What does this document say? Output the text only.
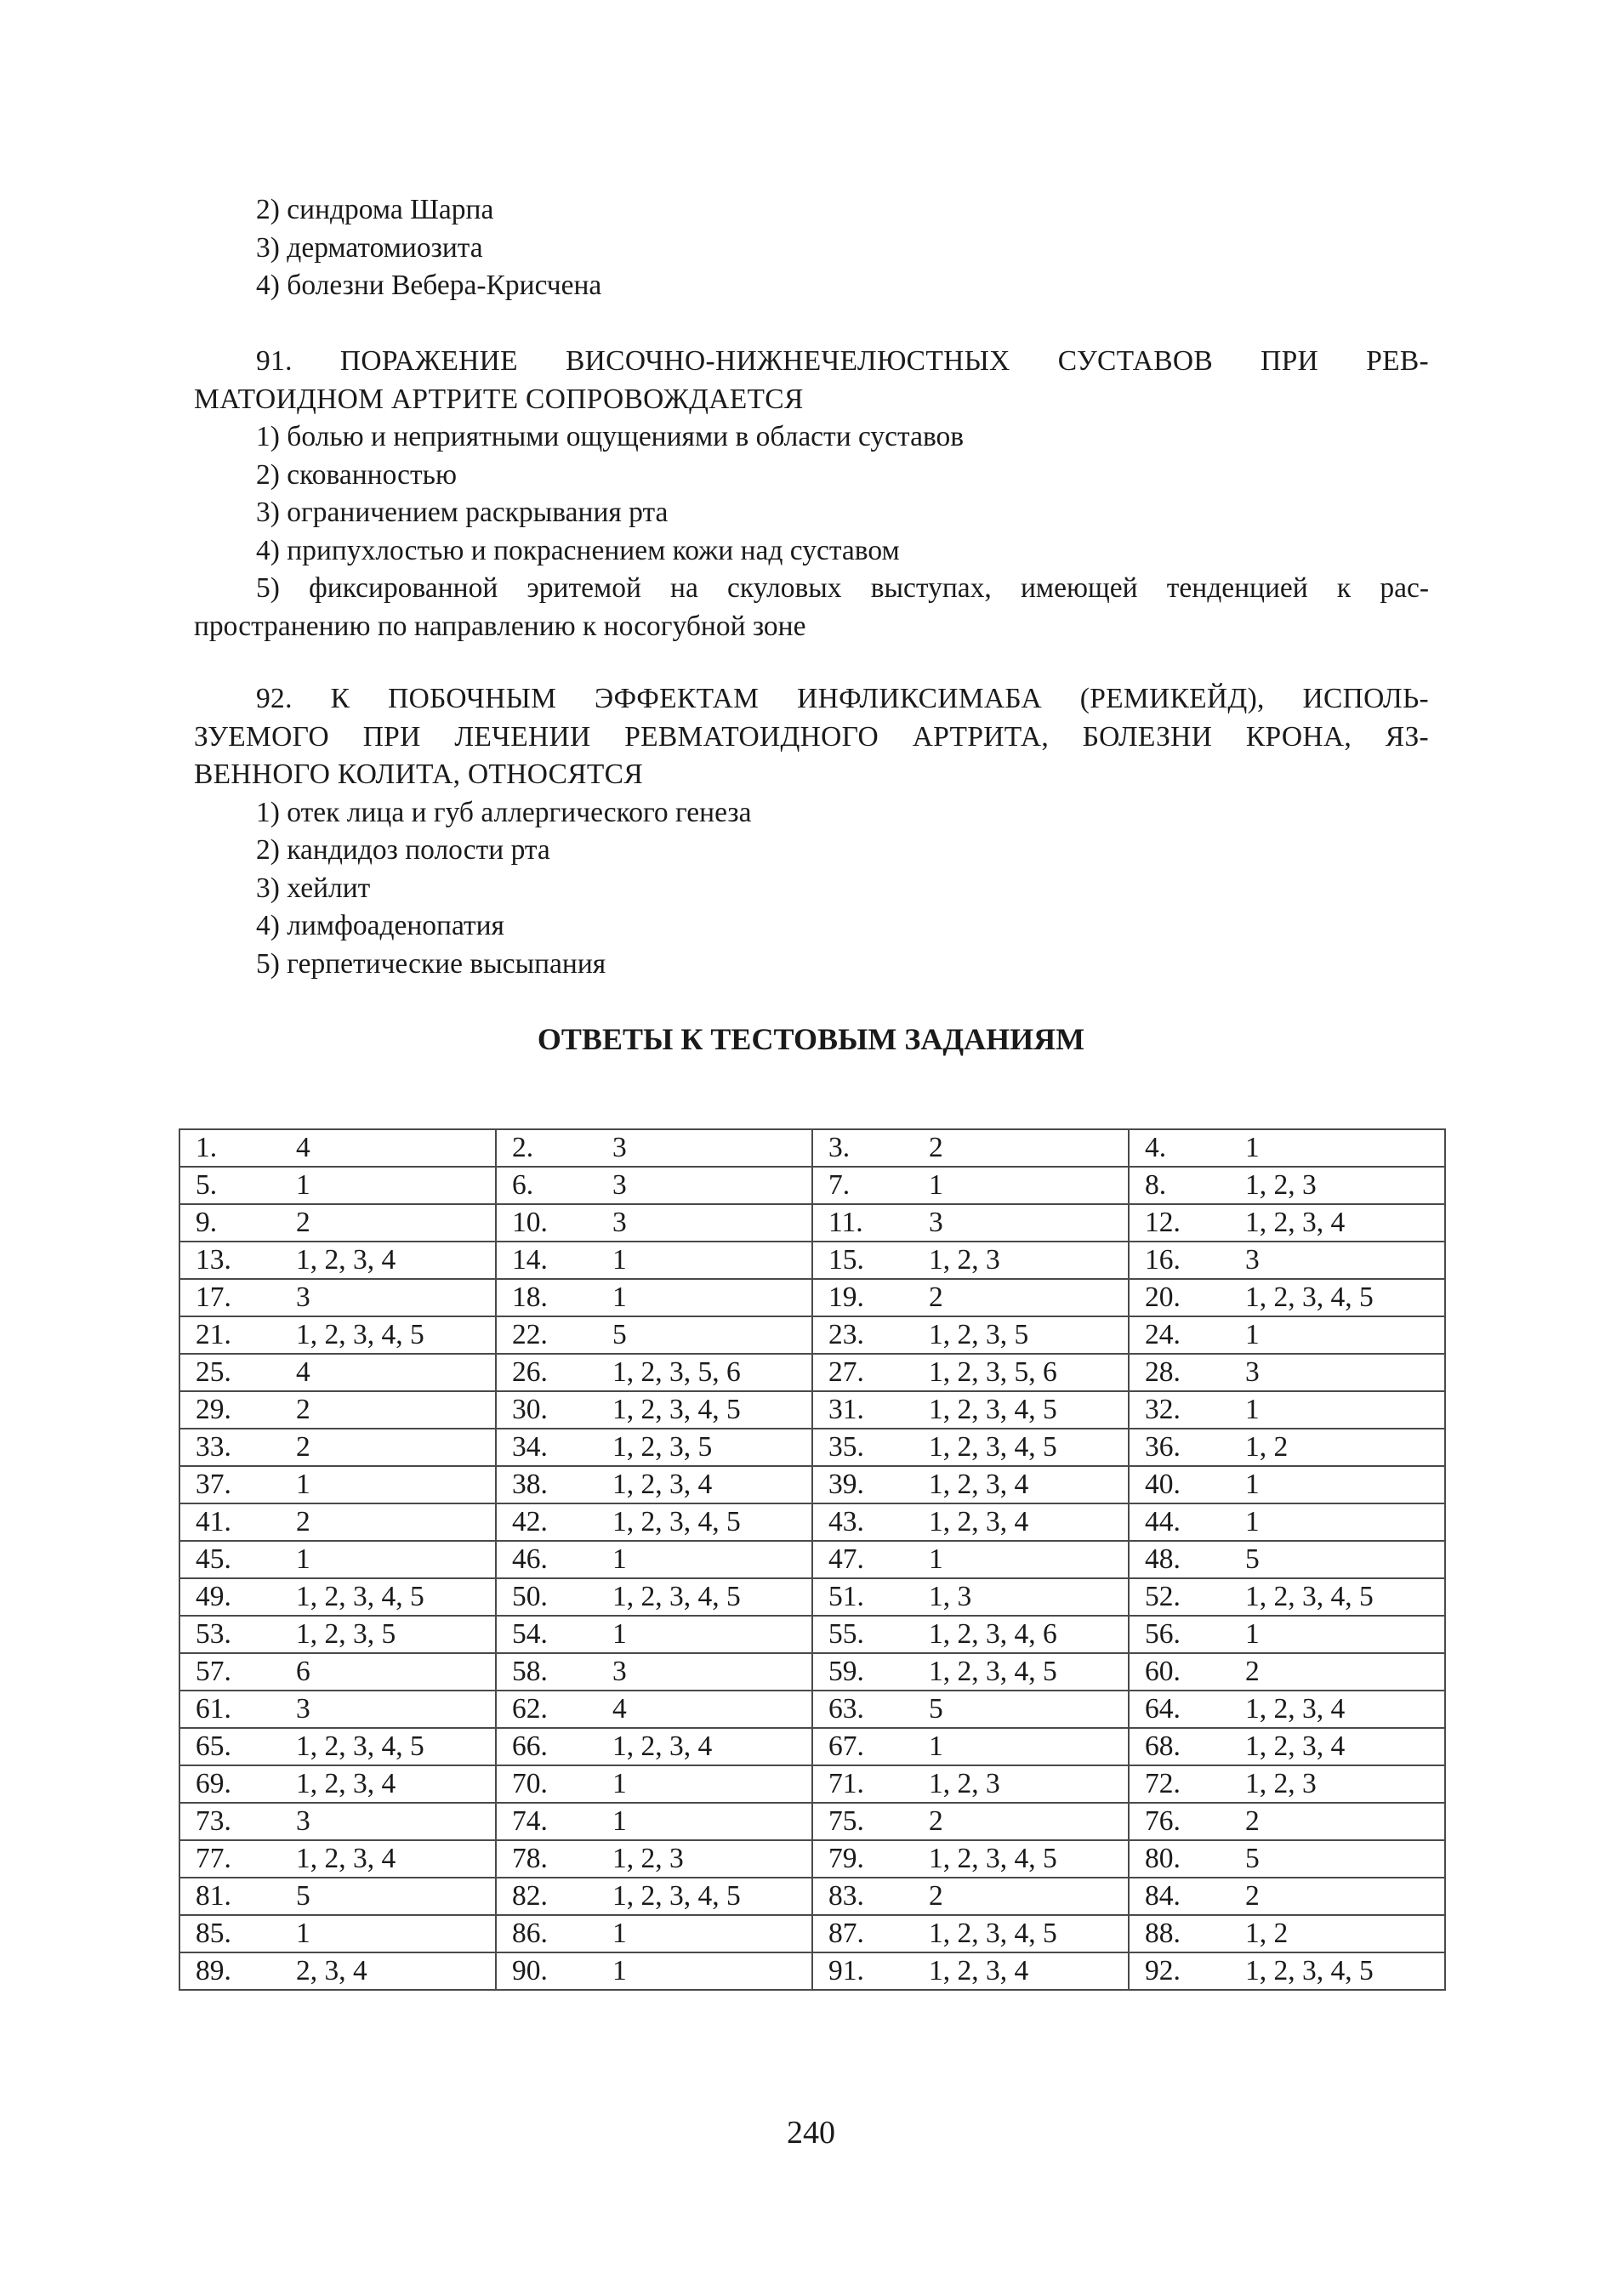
2) синдрома Шарпа
3) дерматомиозита
4) болезни Вебера-Крисчена
91. ПОРАЖЕНИЕ ВИСОЧНО-НИЖНЕЧЕЛЮСТНЫХ СУСТАВОВ ПРИ РЕВ-
МАТОИДНОМ АРТРИТЕ СОПРОВОЖДАЕТСЯ
1) болью и неприятными ощущениями в области суставов
2) скованностью
3) ограничением раскрывания рта
4) припухлостью и покраснением кожи над суставом
5) фиксированной эритемой на скуловых выступах, имеющей тенденцией к рас-
пространению по направлению к носогубной зоне
92. К ПОБОЧНЫМ ЭФФЕКТАМ ИНФЛИКСИМАБА (РЕМИКЕЙД), ИСПОЛЬ-
ЗУЕМОГО ПРИ ЛЕЧЕНИИ РЕВМАТОИДНОГО АРТРИТА, БОЛЕЗНИ КРОНА, ЯЗ-
ВЕННОГО КОЛИТА, ОТНОСЯТСЯ
1) отек лица и губ аллергического генеза
2) кандидоз полости рта
3) хейлит
4) лимфоаденопатия
5) герпетические высыпания
ОТВЕТЫ К ТЕСТОВЫМ ЗАДАНИЯМ
1. 4	2. 3	3. 2	4. 1
5. 1	6. 3	7. 1	8. 1, 2, 3
9. 2	10. 3	11. 3	12. 1, 2, 3, 4
13. 1, 2, 3, 4	14. 1	15. 1, 2, 3	16. 3
17. 3	18. 1	19. 2	20. 1, 2, 3, 4, 5
21. 1, 2, 3, 4, 5	22. 5	23. 1, 2, 3, 5	24. 1
25. 4	26. 1, 2, 3, 5, 6	27. 1, 2, 3, 5, 6	28. 3
29. 2	30. 1, 2, 3, 4, 5	31. 1, 2, 3, 4, 5	32. 1
33. 2	34. 1, 2, 3, 5	35. 1, 2, 3, 4, 5	36. 1, 2
37. 1	38. 1, 2, 3, 4	39. 1, 2, 3, 4	40. 1
41. 2	42. 1, 2, 3, 4, 5	43. 1, 2, 3, 4	44. 1
45. 1	46. 1	47. 1	48. 5
49. 1, 2, 3, 4, 5	50. 1, 2, 3, 4, 5	51. 1, 3	52. 1, 2, 3, 4, 5
53. 1, 2, 3, 5	54. 1	55. 1, 2, 3, 4, 6	56. 1
57. 6	58. 3	59. 1, 2, 3, 4, 5	60. 2
61. 3	62. 4	63. 5	64. 1, 2, 3, 4
65. 1, 2, 3, 4, 5	66. 1, 2, 3, 4	67. 1	68. 1, 2, 3, 4
69. 1, 2, 3, 4	70. 1	71. 1, 2, 3	72. 1, 2, 3
73. 3	74. 1	75. 2	76. 2
77. 1, 2, 3, 4	78. 1, 2, 3	79. 1, 2, 3, 4, 5	80. 5
81. 5	82. 1, 2, 3, 4, 5	83. 2	84. 2
85. 1	86. 1	87. 1, 2, 3, 4, 5	88. 1, 2
89. 2, 3, 4	90. 1	91. 1, 2, 3, 4	92. 1, 2, 3, 4, 5
240
